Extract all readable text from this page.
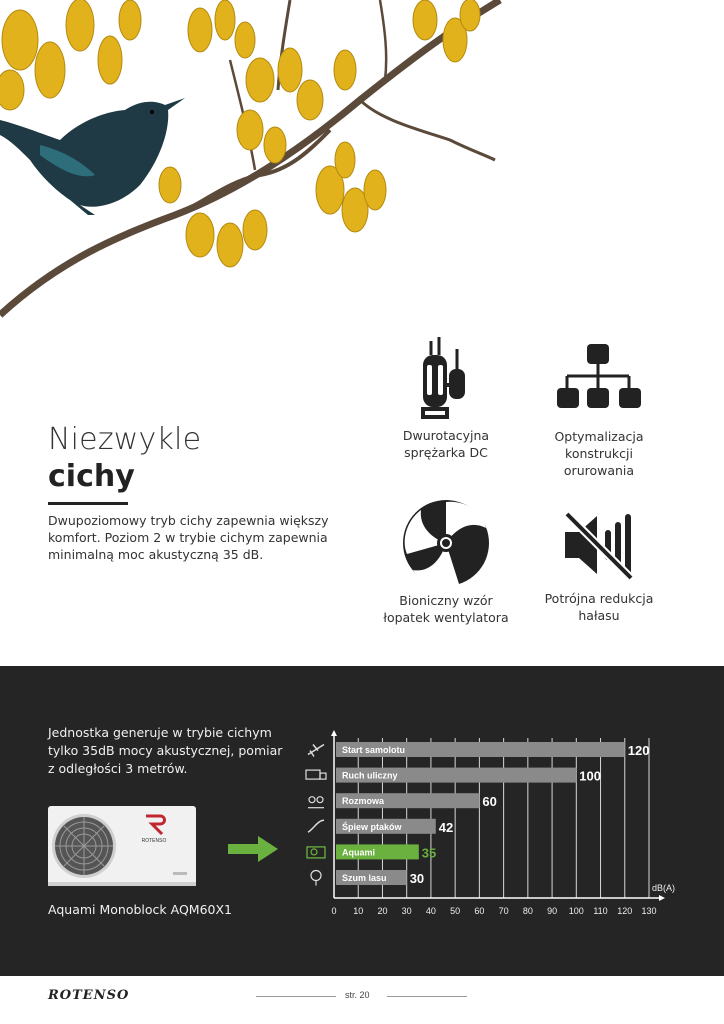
Niezwykle
cichy
Dwupoziomowy tryb cichy zapewnia większy komfort. Poziom 2 w trybie cichym zapewnia minimalną moc akustyczną 35 dB.
Dwurotacyjna
sprężarka DC
Optymalizacja
konstrukcji
orurowania
Bioniczny wzór
łopatek wentylatora
Potrójna redukcja
hałasu
Jednostka generuje w trybie cichym
tylko 35dB mocy akustycznej, pomiar
z odległości 3 metrów.
ROTENSO
Aquami Monoblock AQM60X1
Start samolotu	120
Ruch uliczny	100
Rozmowa	60
Śpiew ptaków	42
Aquami	35
Szum lasu 30
0 10 20 30 40 50 60 70 80 90 100 110 120 130
dB(A)
ROTENSO	str. 20
